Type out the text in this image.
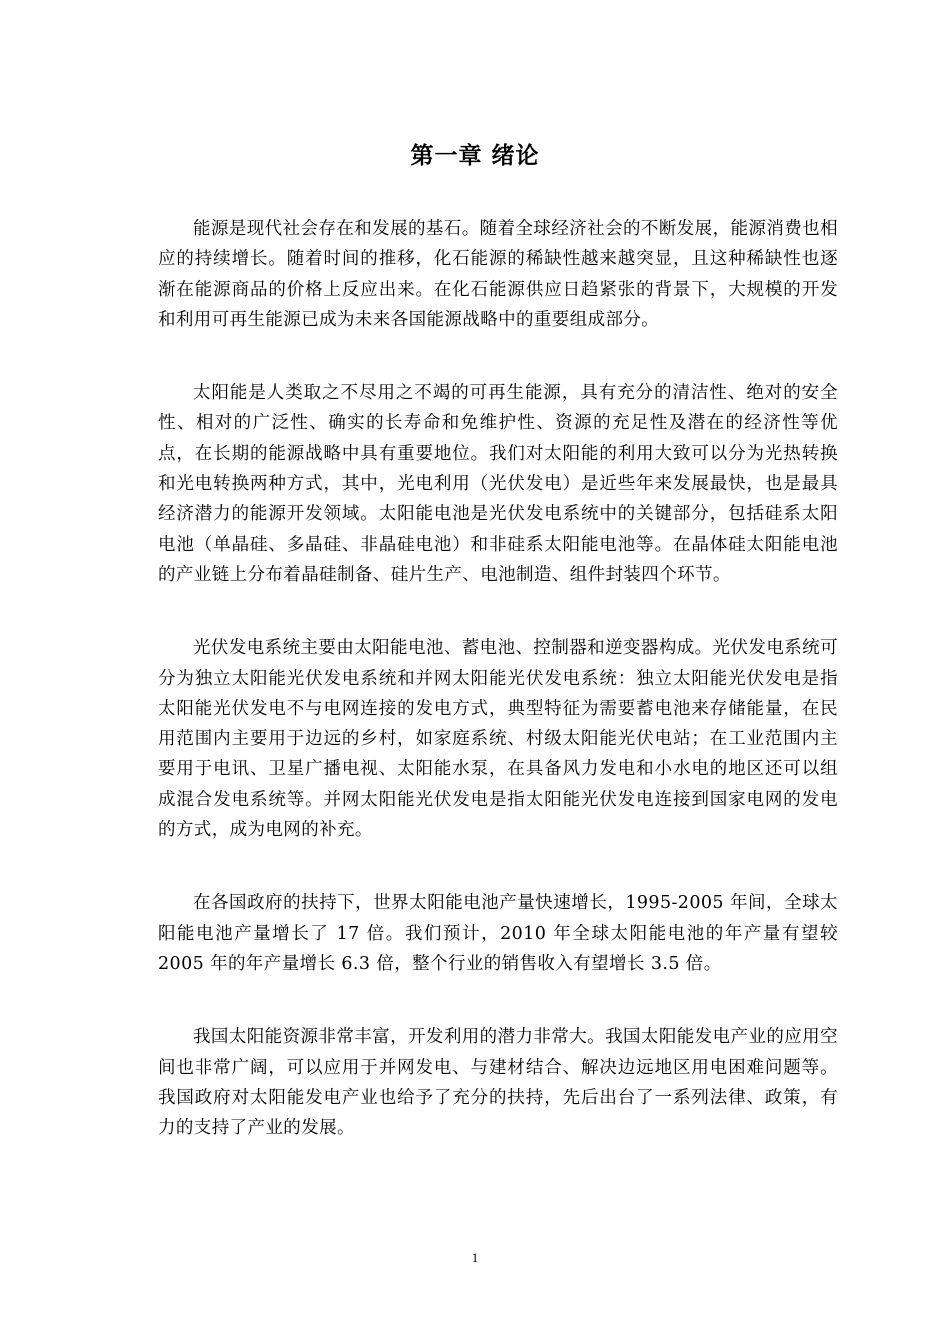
第一章 绪论

能源是现代社会存在和发展的基石。随着全球经济社会的不断发展，能源消费也相应的持续增长。随着时间的推移，化石能源的稀缺性越来越突显，且这种稀缺性也逐渐在能源商品的价格上反应出来。在化石能源供应日趋紧张的背景下，大规模的开发和利用可再生能源已成为未来各国能源战略中的重要组成部分。

太阳能是人类取之不尽用之不竭的可再生能源，具有充分的清洁性、绝对的安全性、相对的广泛性、确实的长寿命和免维护性、资源的充足性及潜在的经济性等优点，在长期的能源战略中具有重要地位。我们对太阳能的利用大致可以分为光热转换和光电转换两种方式，其中，光电利用（光伏发电）是近些年来发展最快，也是最具经济潜力的能源开发领域。太阳能电池是光伏发电系统中的关键部分，包括硅系太阳电池（单晶硅、多晶硅、非晶硅电池）和非硅系太阳能电池等。在晶体硅太阳能电池的产业链上分布着晶硅制备、硅片生产、电池制造、组件封装四个环节。

光伏发电系统主要由太阳能电池、蓄电池、控制器和逆变器构成。光伏发电系统可分为独立太阳能光伏发电系统和并网太阳能光伏发电系统：独立太阳能光伏发电是指太阳能光伏发电不与电网连接的发电方式，典型特征为需要蓄电池来存储能量，在民用范围内主要用于边远的乡村，如家庭系统、村级太阳能光伏电站；在工业范围内主要用于电讯、卫星广播电视、太阳能水泵，在具备风力发电和小水电的地区还可以组成混合发电系统等。并网太阳能光伏发电是指太阳能光伏发电连接到国家电网的发电的方式，成为电网的补充。

在各国政府的扶持下，世界太阳能电池产量快速增长，1995-2005 年间，全球太阳能电池产量增长了 17 倍。我们预计，2010 年全球太阳能电池的年产量有望较 2005 年的年产量增长 6.3 倍，整个行业的销售收入有望增长 3.5 倍。

我国太阳能资源非常丰富，开发利用的潜力非常大。我国太阳能发电产业的应用空间也非常广阔，可以应用于并网发电、与建材结合、解决边远地区用电困难问题等。我国政府对太阳能发电产业也给予了充分的扶持，先后出台了一系列法律、政策，有力的支持了产业的发展。

1
